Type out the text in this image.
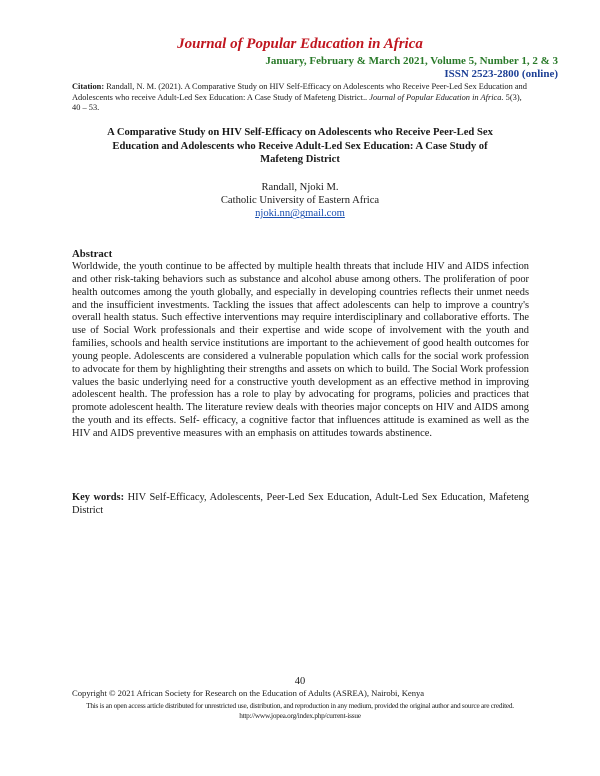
Journal of Popular Education in Africa
January, February & March 2021, Volume 5, Number 1, 2 & 3
ISSN 2523-2800 (online)
Citation: Randall, N. M. (2021). A Comparative Study on HIV Self-Efficacy on Adolescents who Receive Peer-Led Sex Education and Adolescents who receive Adult-Led Sex Education: A Case Study of Mafeteng District.. Journal of Popular Education in Africa. 5(3), 40 – 53.
A Comparative Study on HIV Self-Efficacy on Adolescents who Receive Peer-Led Sex Education and Adolescents who Receive Adult-Led Sex Education: A Case Study of Mafeteng District
Randall, Njoki M.
Catholic University of Eastern Africa
njoki.nn@gmail.com
Abstract
Worldwide, the youth continue to be affected by multiple health threats that include HIV and AIDS infection and other risk-taking behaviors such as substance and alcohol abuse among others. The proliferation of poor health outcomes among the youth globally, and especially in developing countries reflects their unmet needs and the insufficient investments. Tackling the issues that affect adolescents can help to improve a country's overall health status. Such effective interventions may require interdisciplinary and collaborative efforts. The use of Social Work professionals and their expertise and wide scope of involvement with the youth and families, schools and health service institutions are important to the achievement of good health outcomes for young people. Adolescents are considered a vulnerable population which calls for the social work profession to advocate for them by highlighting their strengths and assets on which to build. The Social Work profession values the basic underlying need for a constructive youth development as an effective method in improving adolescent health. The profession has a role to play by advocating for programs, policies and practices that promote adolescent health. The literature review deals with theories major concepts on HIV and AIDS among the youth and its effects. Self- efficacy, a cognitive factor that influences attitude is examined as well as the HIV and AIDS preventive measures with an emphasis on attitudes towards abstinence.
Key words: HIV Self-Efficacy, Adolescents, Peer-Led Sex Education, Adult-Led Sex Education, Mafeteng District
40
Copyright © 2021 African Society for Research on the Education of Adults (ASREA), Nairobi, Kenya
This is an open access article distributed for unrestricted use, distribution, and reproduction in any medium, provided the original author and source are credited. http://www.jopea.org/index.php/current-issue
